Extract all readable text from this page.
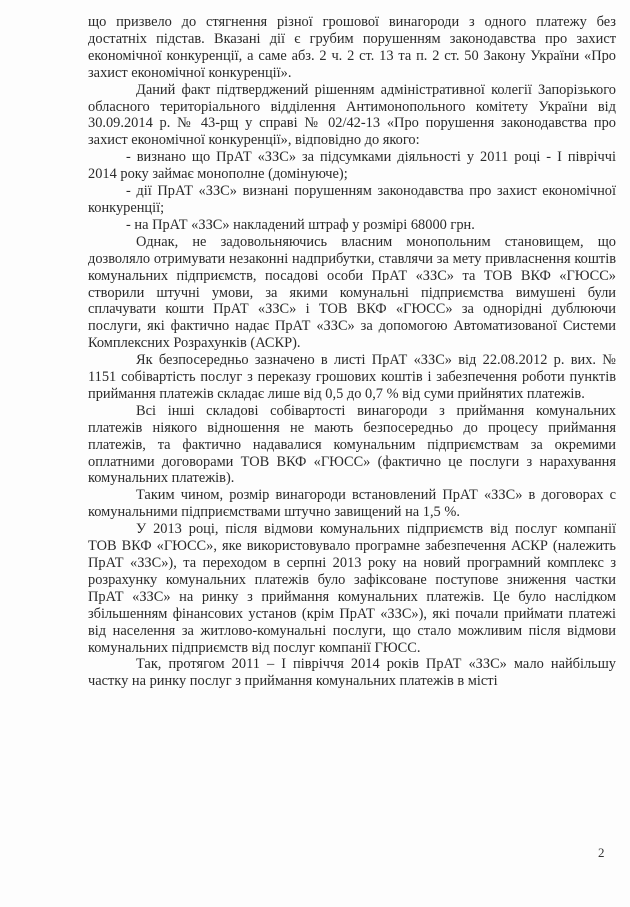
що призвело до стягнення різної грошової винагороди з одного платежу без достатніх підстав. Вказані дії є грубим порушенням законодавства про захист економічної конкуренції, а саме абз. 2 ч. 2 ст. 13 та п. 2 ст. 50 Закону України «Про захист економічної конкуренції».

Даний факт підтверджений рішенням адміністративної колегії Запорізького обласного територіального відділення Антимонопольного комітету України від 30.09.2014 р. № 43-рщ у справі № 02/42-13 «Про порушення законодавства про захист економічної конкуренції», відповідно до якого:

- визнано що ПрАТ «ЗЗС» за підсумками діяльності у 2011 році - I півріччі 2014 року займає монополне (домінуюче);

- дії ПрАТ «ЗЗС» визнані порушенням законодавства про захист економічної конкуренції;

- на ПрАТ «ЗЗС» накладений штраф у розмірі 68000 грн.

Однак, не задовольняючись власним монопольним становищем, що дозволяло отримувати незаконні надприбутки, ставлячи за мету привласнення коштів комунальних підприємств, посадові особи ПрАТ «ЗЗС» та ТОВ ВКФ «ГЮСС» створили штучні умови, за якими комунальні підприємства вимушені були сплачувати кошти ПрАТ «ЗЗС» і ТОВ ВКФ «ГЮСС» за однорідні дублюючи послуги, які фактично надає ПрАТ «ЗЗС» за допомогою Автоматизованої Системи Комплексних Розрахунків (АСКР).

Як безпосередньо зазначено в листі ПрАТ «ЗЗС» від 22.08.2012 р. вих. № 1151 собівартість послуг з переказу грошових коштів і забезпечення роботи пунктів приймання платежів складає лише від 0,5 до 0,7 % від суми прийнятих платежів.

Всі інші складові собівартості винагороди з приймання комунальних платежів ніякого відношення не мають безпосередньо до процесу приймання платежів, та фактично надавалися комунальним підприємствам за окремими оплатними договорами ТОВ ВКФ «ГЮСС» (фактично це послуги з нарахування комунальних платежів).

Таким чином, розмір винагороди встановлений ПрАТ «ЗЗС» в договорах с комунальними підприємствами штучно завищений на 1,5 %.

У 2013 році, після відмови комунальних підприємств від послуг компанії ТОВ ВКФ «ГЮСС», яке використовувало програмне забезпечення АСКР (належить ПрАТ «ЗЗС»), та переходом в серпні 2013 року на новий програмний комплекс з розрахунку комунальних платежів було зафіксоване поступове зниження частки ПрАТ «ЗЗС» на ринку з приймання комунальних платежів. Це було наслідком збільшенням фінансових установ (крім ПрАТ «ЗЗС»), які почали приймати платежі від населення за житлово-комунальні послуги, що стало можливим після відмови комунальних підприємств від послуг компанії ГЮСС.

Так, протягом 2011 – I півріччя 2014 років ПрАТ «ЗЗС» мало найбільшу частку на ринку послуг з приймання комунальних платежів в місті

2
